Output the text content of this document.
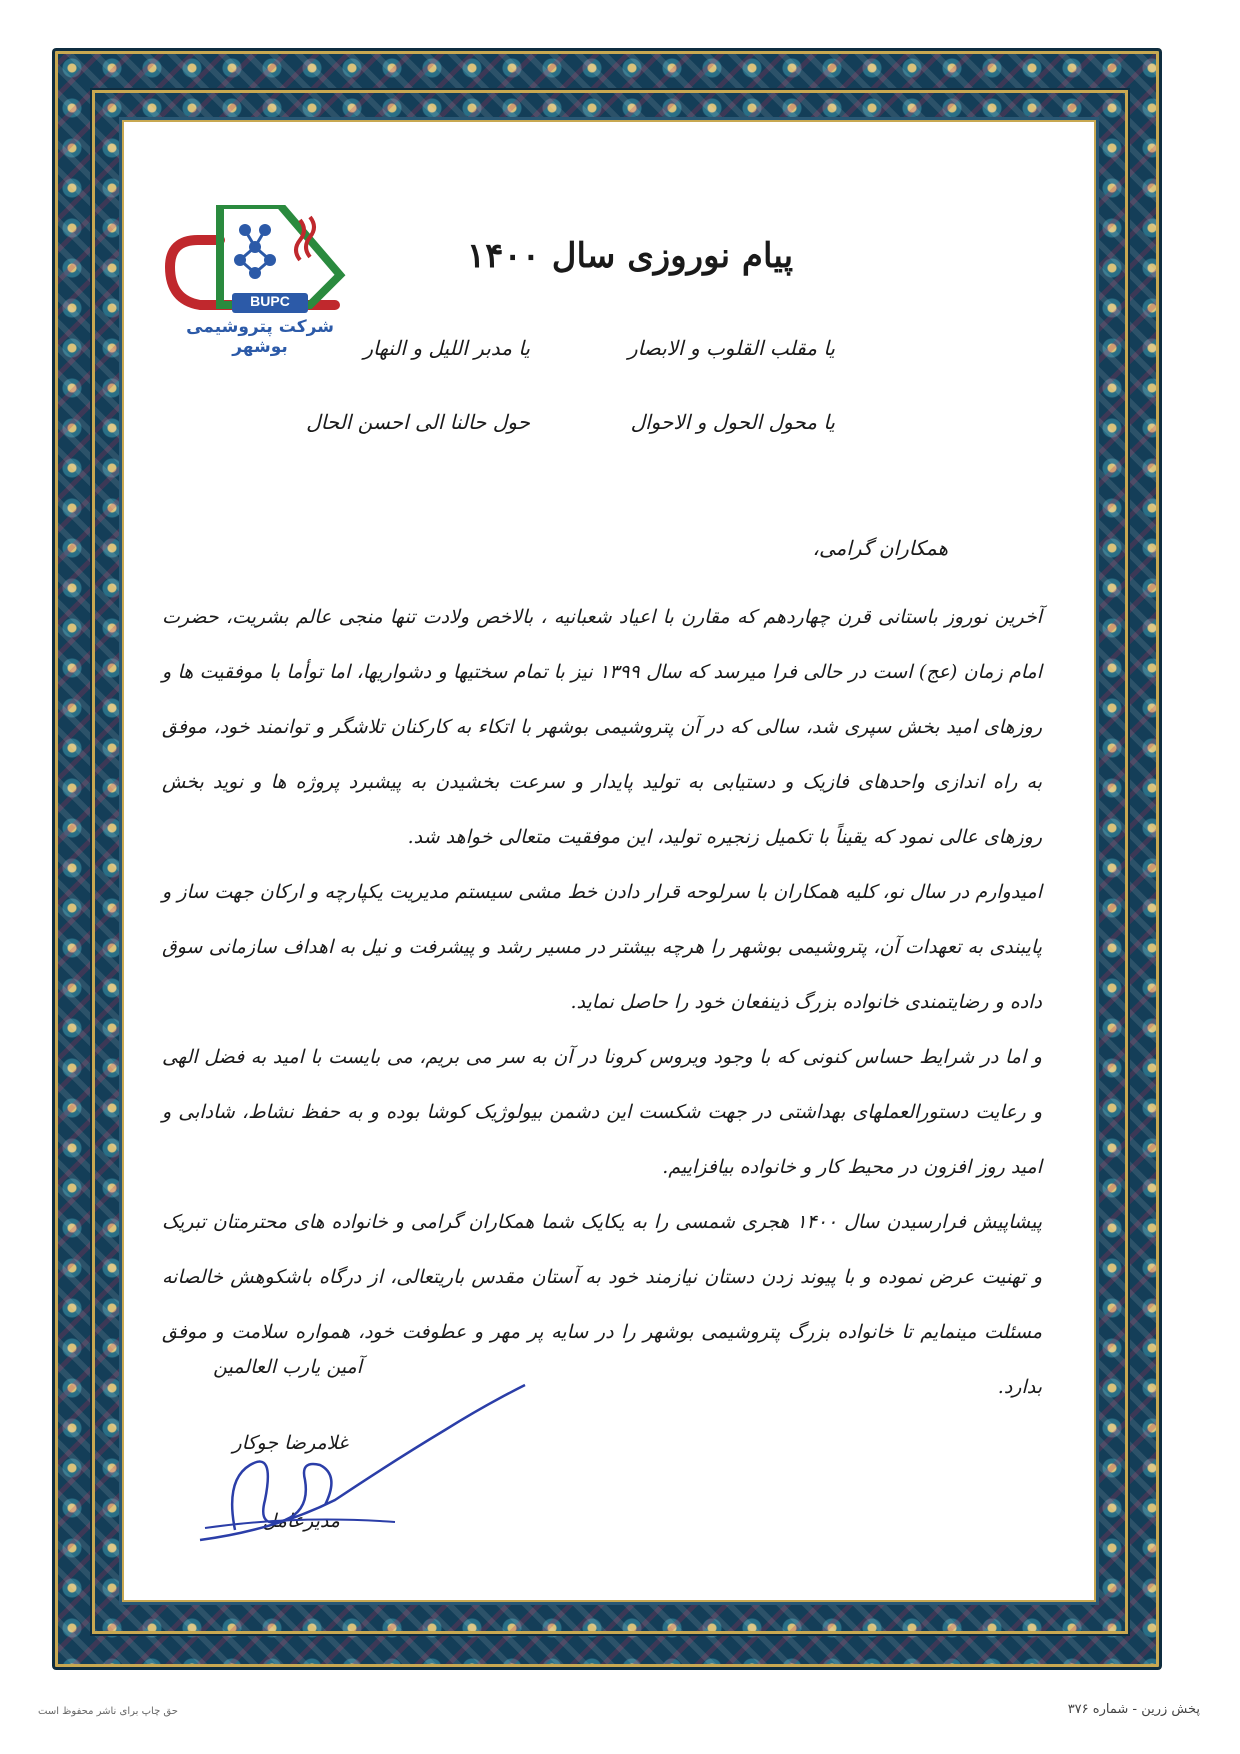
BUPC
شرکت پتروشیمی بوشهر
پیام نوروزی سال ۱۴۰۰
یا مقلب القلوب و الابصار
یا مدبر اللیل و النهار
یا محول الحول و الاحوال
حول حالنا الی احسن الحال
همکاران گرامی،

آخرین نوروز باستانی قرن چهاردهم که مقارن با اعیاد شعبانیه ، بالاخص ولادت تنها منجی عالم بشریت، حضرت امام زمان (عج) است در حالی فرا میرسد که سال ۱۳۹۹ نیز با تمام سختیها و دشواریها، اما توأما با موفقیت ها و روزهای امید بخش سپری شد، سالی که در آن پتروشیمی بوشهر با اتکاء به کارکنان تلاشگر و توانمند خود، موفق به راه اندازی واحدهای فازیک و دستیابی به تولید پایدار و سرعت بخشیدن به پیشبرد پروژه ها و نوید بخش روزهای عالی نمود که یقیناً با تکمیل زنجیره تولید، این موفقیت متعالی خواهد شد.

امیدوارم در سال نو، کلیه همکاران با سرلوحه قرار دادن خط مشی سیستم مدیریت یکپارچه و ارکان جهت ساز و پایبندی به تعهدات آن، پتروشیمی بوشهر را هرچه بیشتر در مسیر رشد و پیشرفت و نیل به اهداف سازمانی سوق داده و رضایتمندی خانواده بزرگ ذینفعان خود را حاصل نماید.

و اما در شرایط حساس کنونی که با وجود ویروس کرونا در آن به سر می بریم، می بایست با امید به فضل الهی و رعایت دستورالعملهای بهداشتی در جهت شکست این دشمن بیولوژیک کوشا بوده و به حفظ نشاط، شادابی و امید روز افزون در محیط کار و خانواده بیافزاییم.

پیشاپیش فرارسیدن سال ۱۴۰۰ هجری شمسی را به یکایک شما همکاران گرامی و خانواده های محترمتان تبریک و تهنیت عرض نموده و با پیوند زدن دستان نیازمند خود به آستان مقدس باریتعالی، از درگاه باشکوهش خالصانه مسئلت مینمایم تا خانواده بزرگ پتروشیمی بوشهر را در سایه پر مهر و عطوفت خود، همواره سلامت و موفق بدارد.

آمین یارب العالمین
غلامرضا جوکار
مدیرعامل
حق چاپ برای ناشر محفوظ است	پخش زرین - شماره ۳۷۶
